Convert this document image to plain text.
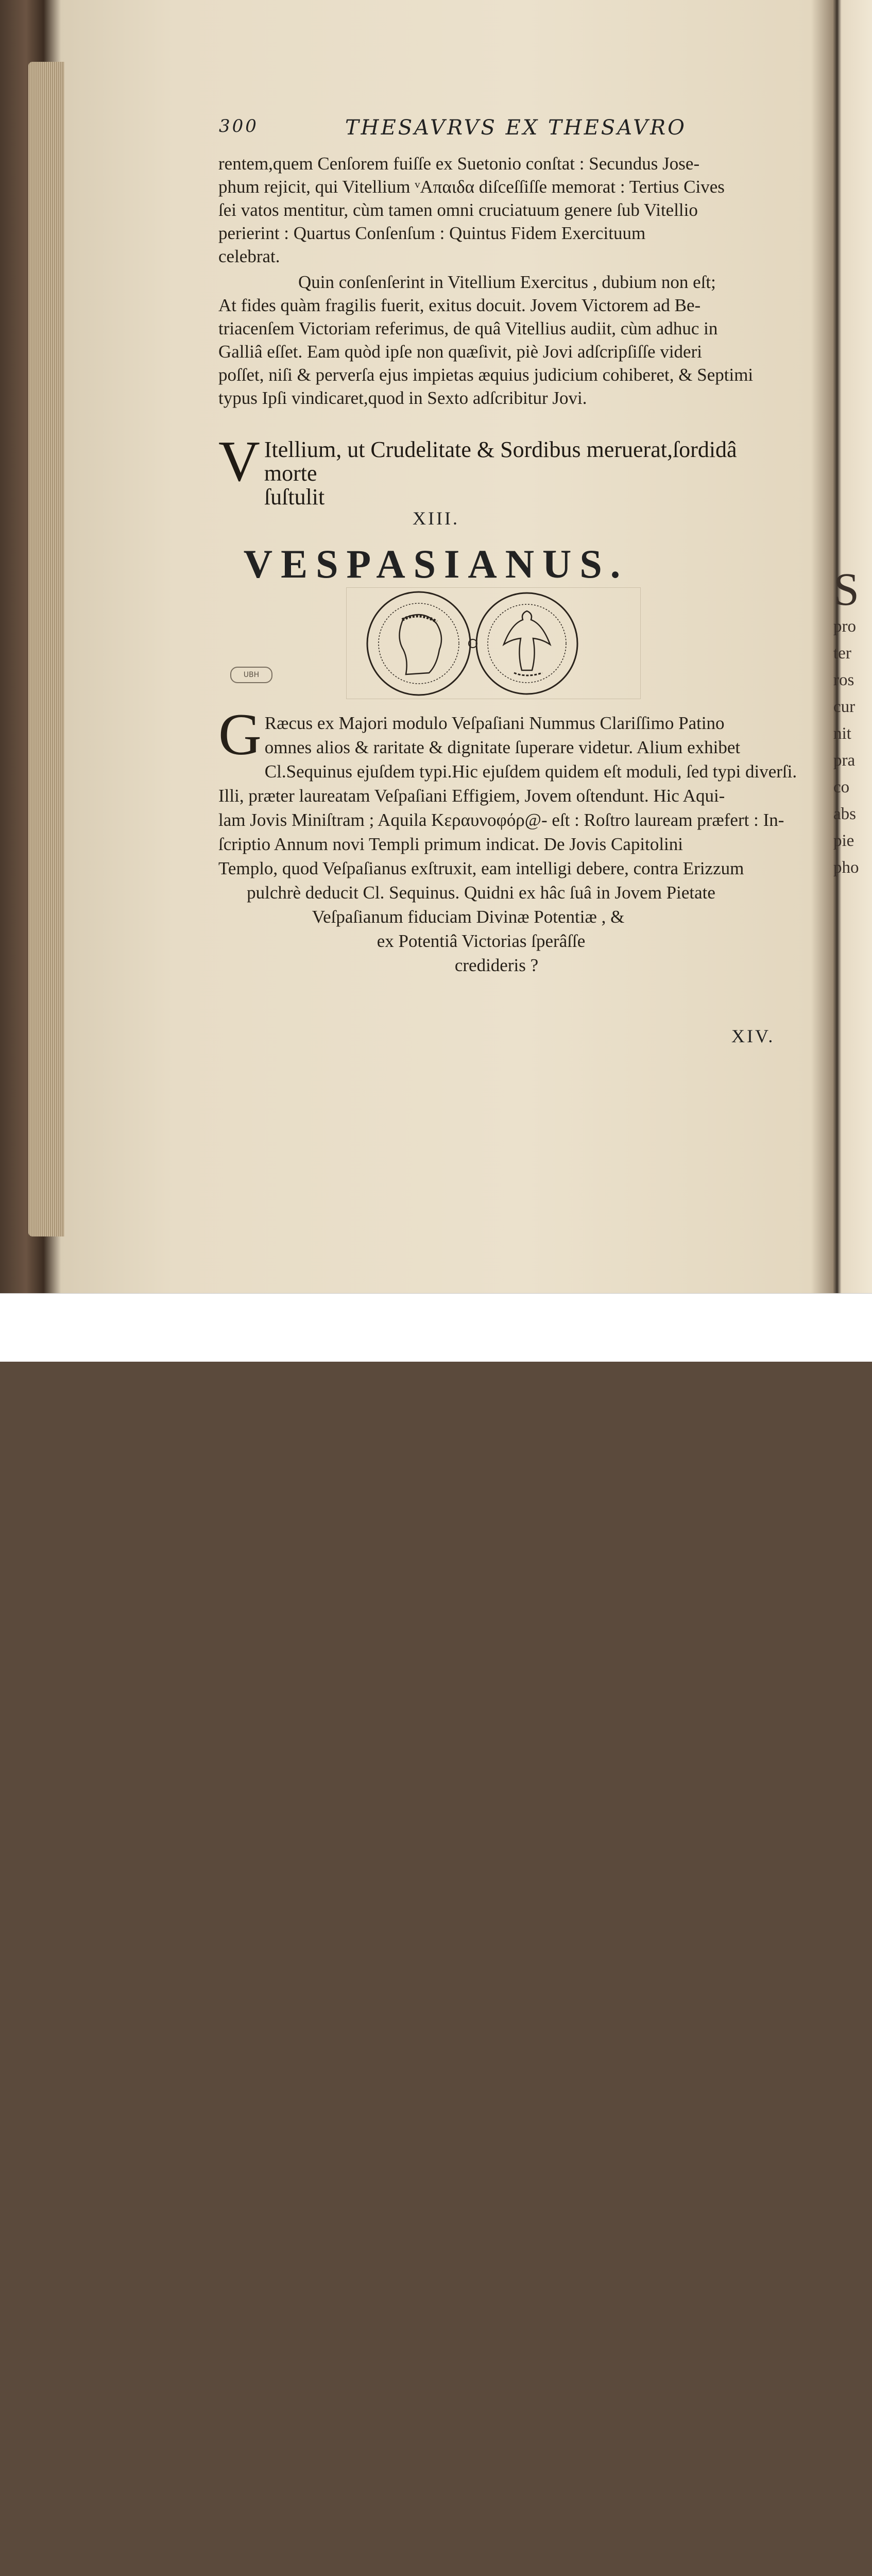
300	THESAVRVS EX THESAVRO

rentem,quem Cenſorem fuiſſe ex Suetonio conſtat : Secundus Jose-

phum rejicit, qui Vitellium ᵛΑπαιδα diſceſſiſſe memorat : Tertius Cives

ſei vatos mentitur, cùm tamen omni cruciatuum genere ſub Vitellio

perierint : Quartus Conſenſum : Quintus Fidem Exercituum

celebrat.

Quin conſenſerint in Vitellium Exercitus , dubium non eſt;

At fides quàm fragilis fuerit, exitus docuit. Jovem Victorem ad Be-

triacenſem Victoriam referimus, de quâ Vitellius audiit, cùm adhuc in

Galliâ eſſet. Eam quòd ipſe non quæſivit, piè Jovi adſcripſiſſe videri

poſſet, niſi & perverſa ejus impietas æquius judicium cohiberet, & Septimi

typus Ipſi vindicaret,quod in Sexto adſcribitur Jovi.

V Itellium, ut Crudelitate & Sordibus meruerat,ſordidâ morte
ſuſtulit
XIII.
VESPASIANUS.
UBH
G Ræcus ex Majori modulo Veſpaſiani Nummus Clariſſimo Patino
omnes alios & raritate & dignitate ſuperare videtur. Alium exhibet
Cl.Sequinus ejuſdem typi.Hic ejuſdem quidem eſt moduli, ſed typi diverſi.
Illi, præter laureatam Veſpaſiani Effigiem, Jovem oſtendunt. Hic Aqui-
lam Jovis Miniſtram ; Aquila Κεραυνοφόρ@- eſt : Roſtro lauream præfert : In-
ſcriptio Annum novi Templi primum indicat. De Jovis Capitolini
Templo, quod Veſpaſianus exſtruxit, eam intelligi debere, contra Erizzum
pulchrè deducit Cl. Sequinus. Quidni ex hâc ſuâ in Jovem Pietate
Veſpaſianum fiduciam Divinæ Potentiæ , &
ex Potentiâ Victorias ſperâſſe
credideris ?
XIV.
S
pro
ter
ros
cur
nit
pra
co
abs
pie
pho
